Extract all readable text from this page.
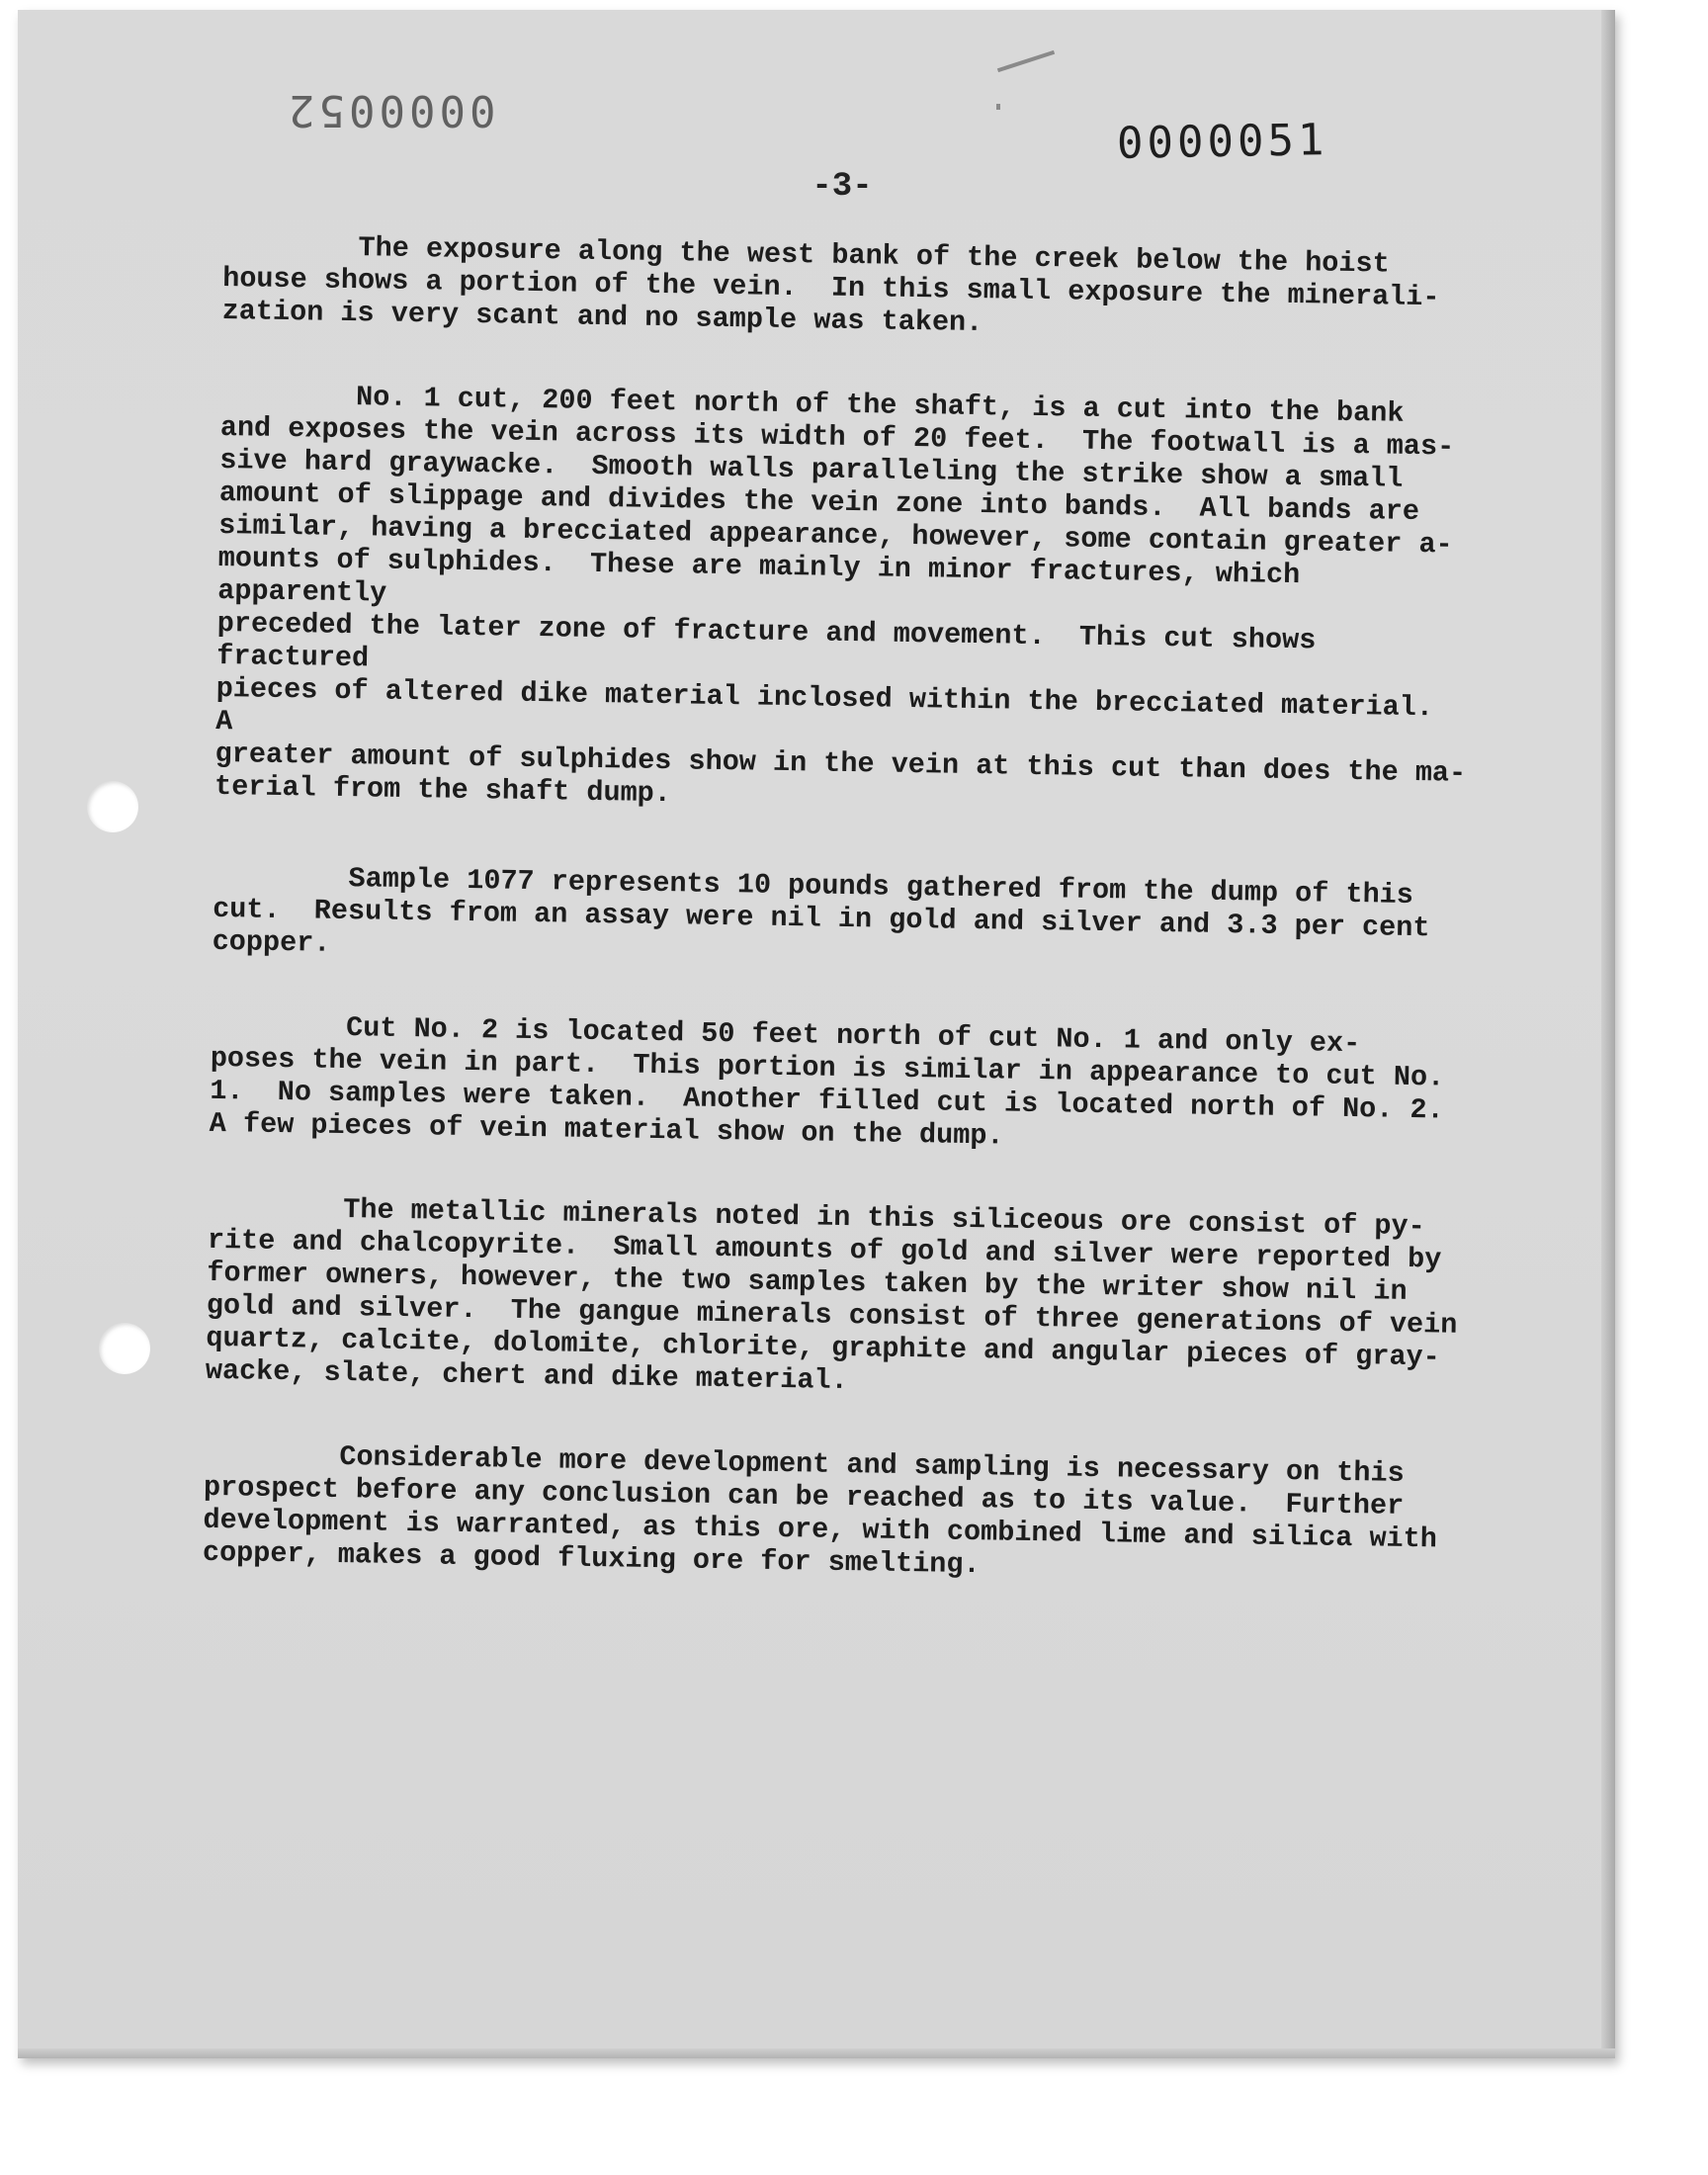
0000052
0000051
-3-

The exposure along the west bank of the creek below the hoist
house shows a portion of the vein.  In this small exposure the minerali-
zation is very scant and no sample was taken.

No. 1 cut, 200 feet north of the shaft, is a cut into the bank
and exposes the vein across its width of 20 feet.  The footwall is a mas-
sive hard graywacke.  Smooth walls paralleling the strike show a small
amount of slippage and divides the vein zone into bands.  All bands are
similar, having a brecciated appearance, however, some contain greater a-
mounts of sulphides.  These are mainly in minor fractures, which apparently
preceded the later zone of fracture and movement.  This cut shows fractured
pieces of altered dike material inclosed within the brecciated material.  A
greater amount of sulphides show in the vein at this cut than does the ma-
terial from the shaft dump.

Sample 1077 represents 10 pounds gathered from the dump of this
cut.  Results from an assay were nil in gold and silver and 3.3 per cent
copper.

Cut No. 2 is located 50 feet north of cut No. 1 and only ex-
poses the vein in part.  This portion is similar in appearance to cut No.
1.  No samples were taken.  Another filled cut is located north of No. 2.
A few pieces of vein material show on the dump.

The metallic minerals noted in this siliceous ore consist of py-
rite and chalcopyrite.  Small amounts of gold and silver were reported by
former owners, however, the two samples taken by the writer show nil in
gold and silver.  The gangue minerals consist of three generations of vein
quartz, calcite, dolomite, chlorite, graphite and angular pieces of gray-
wacke, slate, chert and dike material.

Considerable more development and sampling is necessary on this
prospect before any conclusion can be reached as to its value.  Further
development is warranted, as this ore, with combined lime and silica with
copper, makes a good fluxing ore for smelting.
